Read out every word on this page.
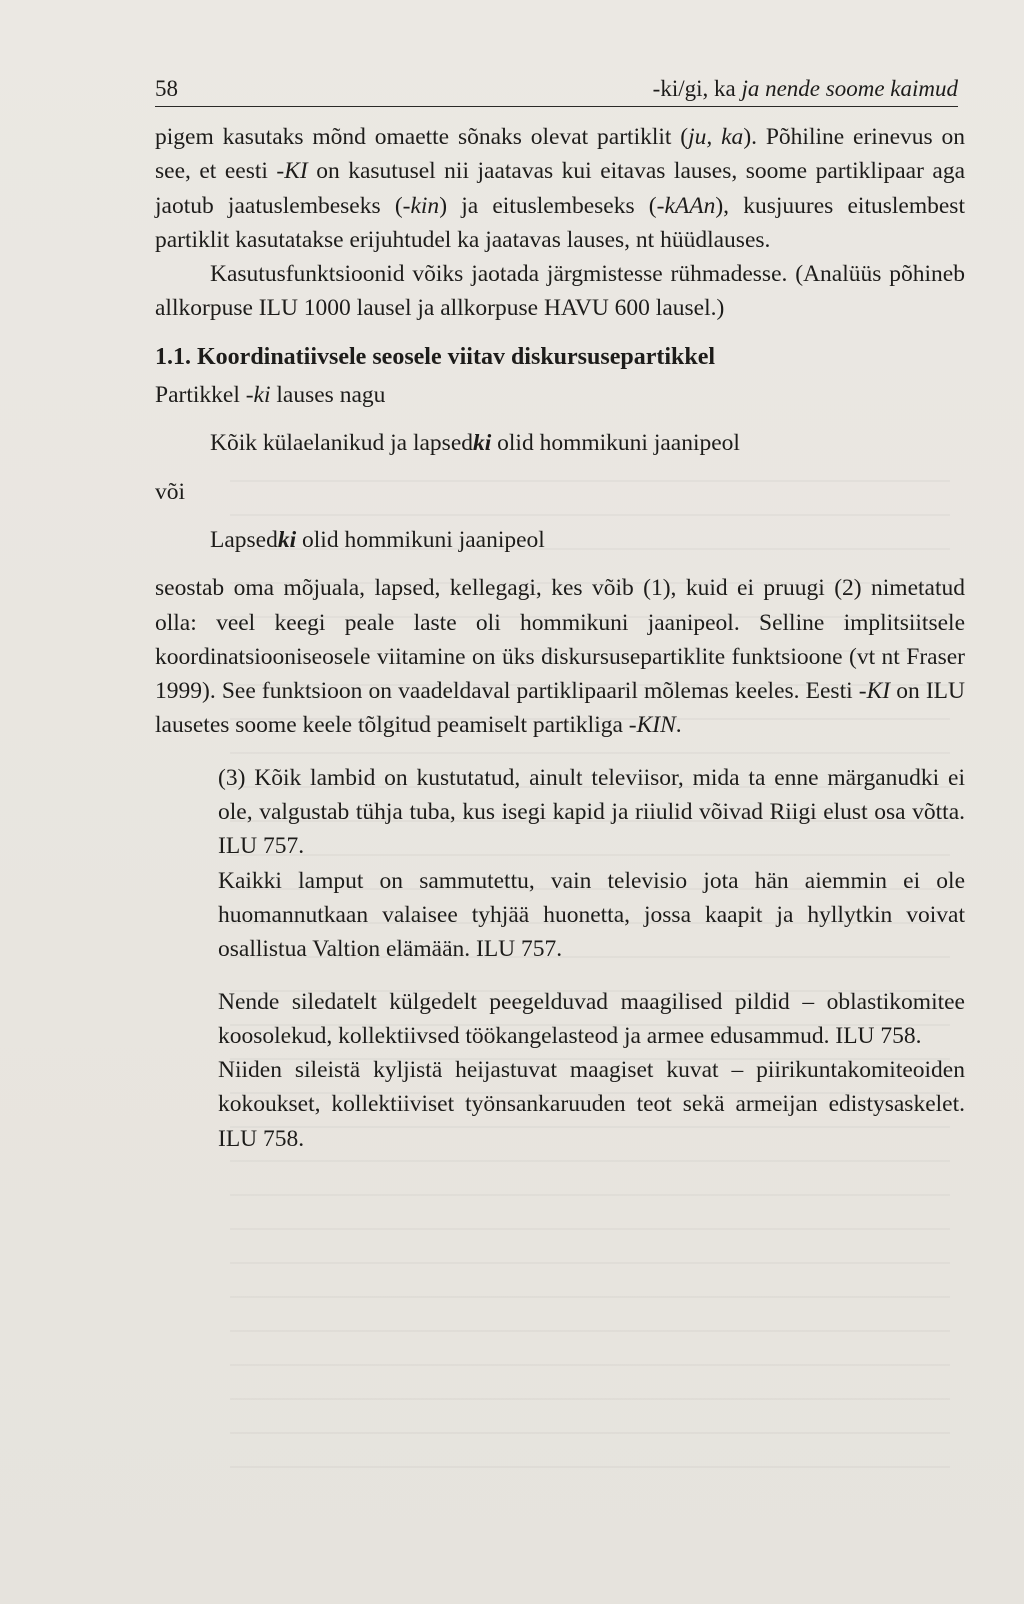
58	-ki/gi, ka ja nende soome kaimud

pigem kasutaks mõnd omaette sõnaks olevat partiklit (ju, ka). Põhiline erinevus on see, et eesti -KI on kasutusel nii jaatavas kui eitavas lauses, soome partiklipaar aga jaotub jaatuslembeseks (-kin) ja eituslembeseks (-kAAn), kusjuures eituslembest partiklit kasutatakse erijuhtudel ka jaatavas lauses, nt hüüdlauses.

Kasutusfunktsioonid võiks jaotada järgmistesse rühmadesse. (Analüüs põhineb allkorpuse ILU 1000 lausel ja allkorpuse HAVU 600 lausel.)

1.1. Koordinatiivsele seosele viitav diskursusepartikkel

Partikkel -ki lauses nagu

Kõik külaelanikud ja lapsedki olid hommikuni jaanipeol

või

Lapsedki olid hommikuni jaanipeol

seostab oma mõjuala, lapsed, kellegagi, kes võib (1), kuid ei pruugi (2) nimetatud olla: veel keegi peale laste oli hommikuni jaanipeol. Selline implitsiitsele koordinatsiooniseosele viitamine on üks diskursusepartiklite funktsioone (vt nt Fraser 1999). See funktsioon on vaadeldaval partiklipaaril mõlemas keeles. Eesti -KI on ILU lausetes soome keele tõlgitud peamiselt partikliga -KIN.

(3) Kõik lambid on kustutatud, ainult televiisor, mida ta enne märganudki ei ole, valgustab tühja tuba, kus isegi kapid ja riiulid võivad Riigi elust osa võtta. ILU 757.

Kaikki lamput on sammutettu, vain televisio jota hän aiemmin ei ole huomannutkaan valaisee tyhjää huonetta, jossa kaapit ja hyllytkin voivat osallistua Valtion elämään. ILU 757.

Nende siledatelt külgedelt peegelduvad maagilised pildid – oblastikomitee koosolekud, kollektiivsed töökangelasteod ja armee edusammud. ILU 758.

Niiden sileistä kyljistä heijastuvat maagiset kuvat – piirikuntakomiteoiden kokoukset, kollektiiviset työnsankaruuden teot sekä armeijan edistysaskelet. ILU 758.
